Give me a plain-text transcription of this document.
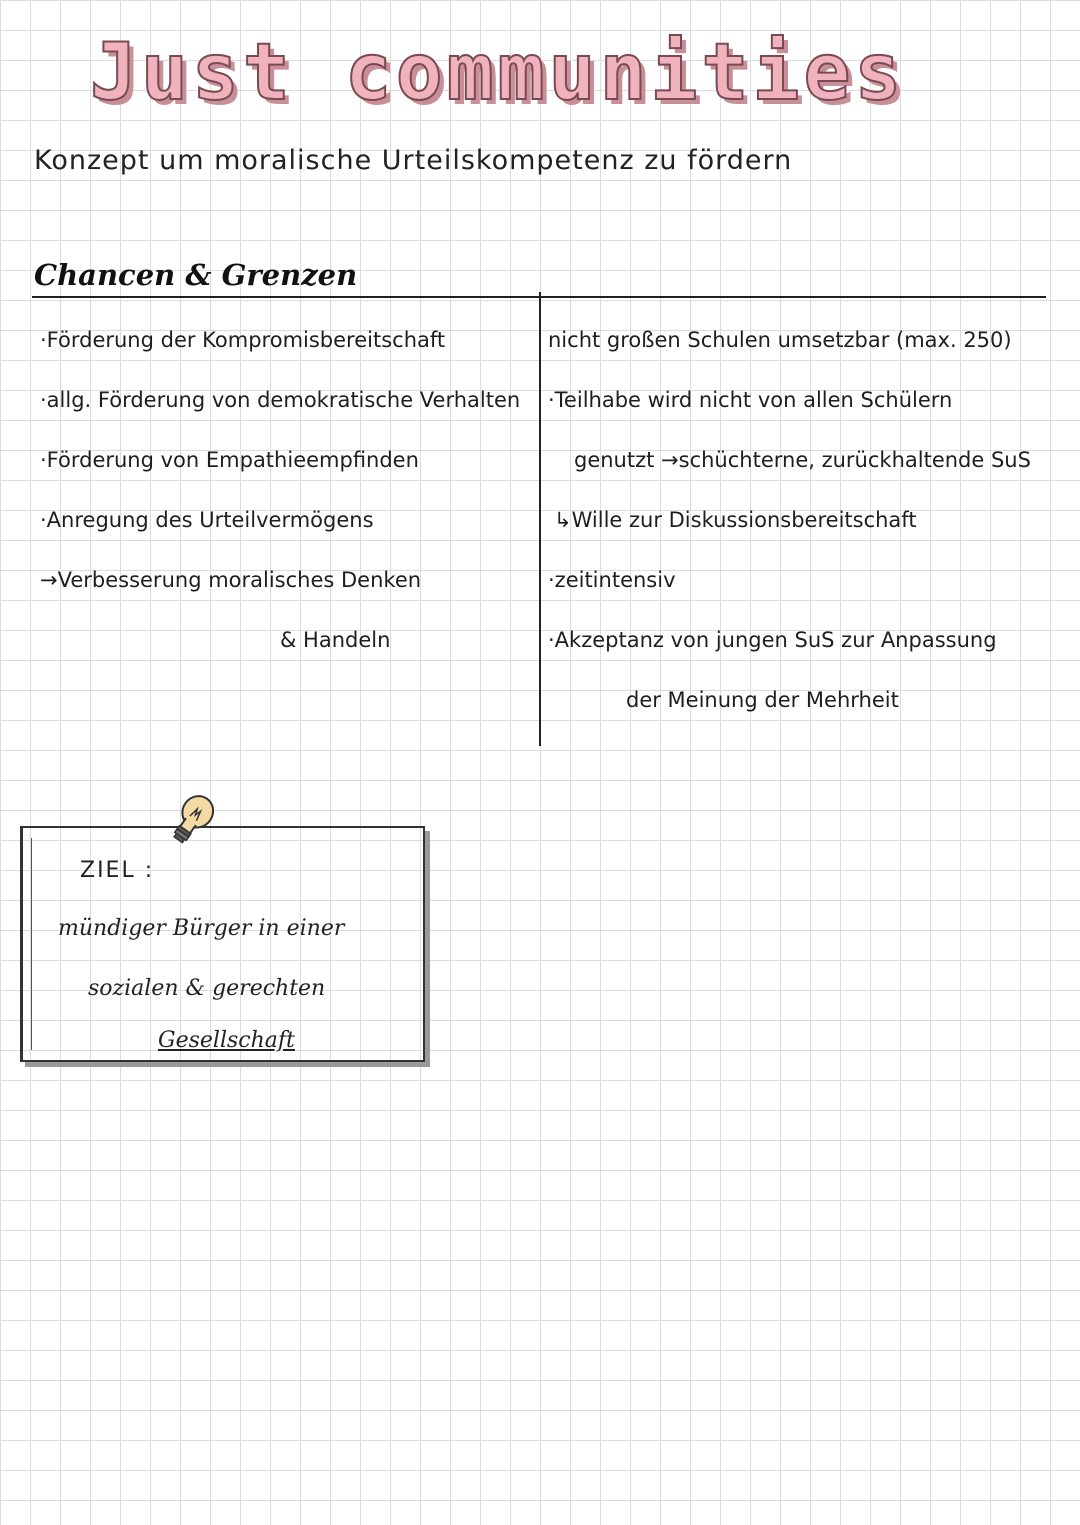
Just communities
Konzept um moralische Urteilskompetenz zu fördern
Chancen & Grenzen
·Förderung der Kompromisbereitschaft
·allg. Förderung von demokratische Verhalten
·Förderung von Empathieempfinden
·Anregung des Urteilvermögens
→Verbesserung moralisches Denken
& Handeln
nicht großen Schulen umsetzbar (max. 250)
·Teilhabe wird nicht von allen Schülern
genutzt →schüchterne, zurückhaltende SuS
↳Wille zur Diskussionsbereitschaft
·zeitintensiv
·Akzeptanz von jungen SuS zur Anpassung
der Meinung der Mehrheit
ZIEL :
mündiger Bürger in einer
sozialen & gerechten
Gesellschaft
